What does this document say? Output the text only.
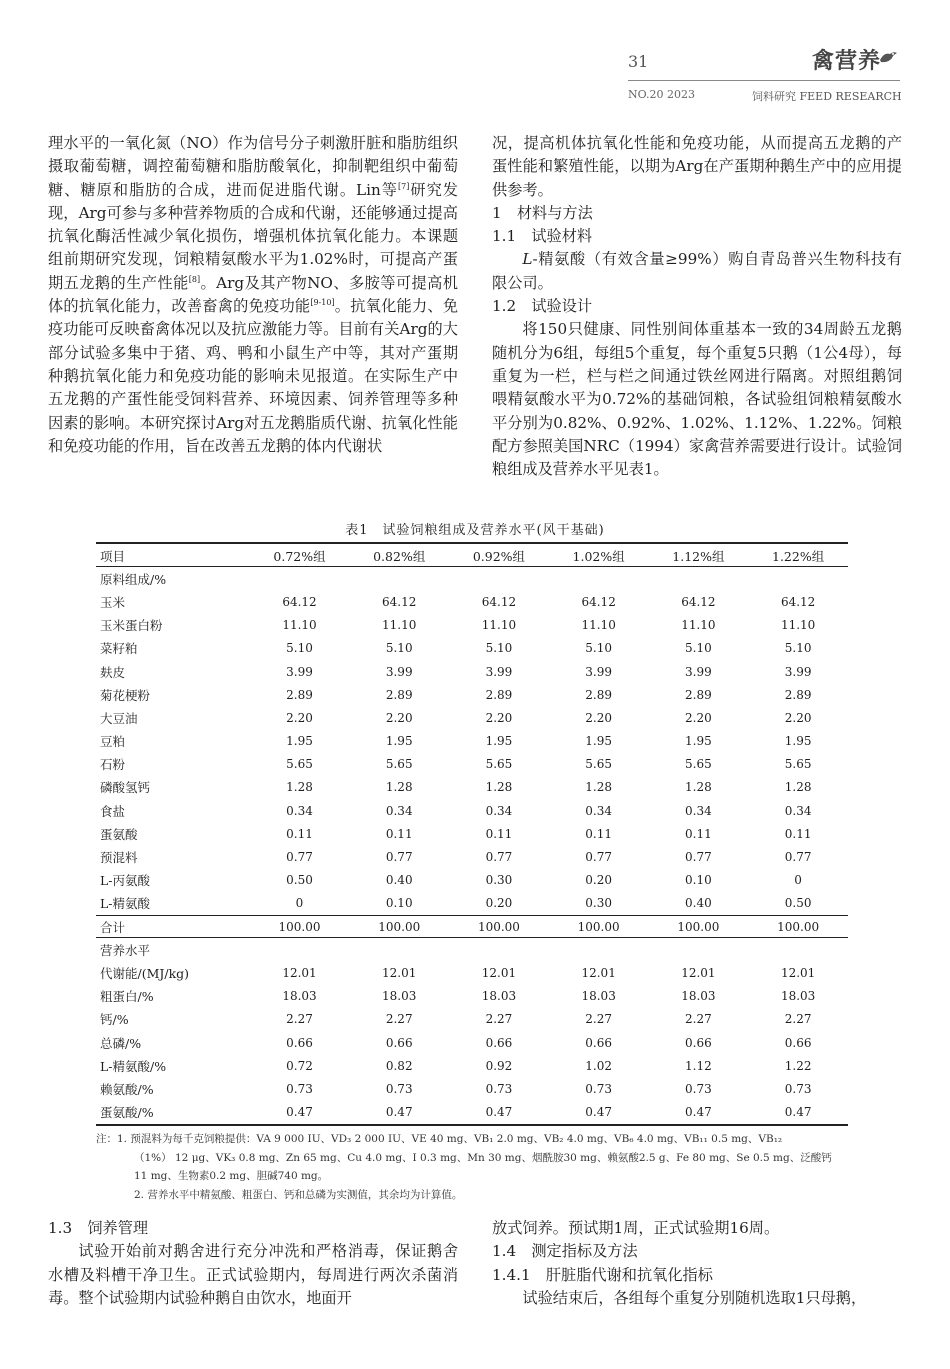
31	禽营养
NO.20 2023	饲料研究 FEED RESEARCH

理水平的一氧化氮（NO）作为信号分子刺激肝脏和脂肪组织摄取葡萄糖，调控葡萄糖和脂肪酸氧化，抑制靶组织中葡萄糖、糖原和脂肪的合成，进而促进脂代谢。Lin等[7]研究发现，Arg可参与多种营养物质的合成和代谢，还能够通过提高抗氧化酶活性减少氧化损伤，增强机体抗氧化能力。本课题组前期研究发现，饲粮精氨酸水平为1.02%时，可提高产蛋期五龙鹅的生产性能[8]。Arg及其产物NO、多胺等可提高机体的抗氧化能力，改善畜禽的免疫功能[9-10]。抗氧化能力、免疫功能可反映畜禽体况以及抗应激能力等。目前有关Arg的大部分试验多集中于猪、鸡、鸭和小鼠生产中等，其对产蛋期种鹅抗氧化能力和免疫功能的影响未见报道。在实际生产中五龙鹅的产蛋性能受饲料营养、环境因素、饲养管理等多种因素的影响。本研究探讨Arg对五龙鹅脂质代谢、抗氧化性能和免疫功能的作用，旨在改善五龙鹅的体内代谢状

况，提高机体抗氧化性能和免疫功能，从而提高五龙鹅的产蛋性能和繁殖性能，以期为Arg在产蛋期种鹅生产中的应用提供参考。

1　材料与方法

1.1　试验材料

L-精氨酸（有效含量≥99%）购自青岛普兴生物科技有限公司。

1.2　试验设计

将150只健康、同性别间体重基本一致的34周龄五龙鹅随机分为6组，每组5个重复，每个重复5只鹅（1公4母），每重复为一栏，栏与栏之间通过铁丝网进行隔离。对照组鹅饲喂精氨酸水平为0.72%的基础饲粮，各试验组饲粮精氨酸水平分别为0.82%、0.92%、1.02%、1.12%、1.22%。饲粮配方参照美国NRC（1994）家禽营养需要进行设计。试验饲粮组成及营养水平见表1。

表1　试验饲粮组成及营养水平(风干基础)
项目	0.72%组	0.82%组	0.92%组	1.02%组	1.12%组	1.22%组
原料组成/%						
玉米	64.12	64.12	64.12	64.12	64.12	64.12
玉米蛋白粉	11.10	11.10	11.10	11.10	11.10	11.10
菜籽粕	5.10	5.10	5.10	5.10	5.10	5.10
麸皮	3.99	3.99	3.99	3.99	3.99	3.99
菊花梗粉	2.89	2.89	2.89	2.89	2.89	2.89
大豆油	2.20	2.20	2.20	2.20	2.20	2.20
豆粕	1.95	1.95	1.95	1.95	1.95	1.95
石粉	5.65	5.65	5.65	5.65	5.65	5.65
磷酸氢钙	1.28	1.28	1.28	1.28	1.28	1.28
食盐	0.34	0.34	0.34	0.34	0.34	0.34
蛋氨酸	0.11	0.11	0.11	0.11	0.11	0.11
预混料	0.77	0.77	0.77	0.77	0.77	0.77
L-丙氨酸	0.50	0.40	0.30	0.20	0.10	0
L-精氨酸	0	0.10	0.20	0.30	0.40	0.50
合计	100.00	100.00	100.00	100.00	100.00	100.00
营养水平						
代谢能/(MJ/kg)	12.01	12.01	12.01	12.01	12.01	12.01
粗蛋白/%	18.03	18.03	18.03	18.03	18.03	18.03
钙/%	2.27	2.27	2.27	2.27	2.27	2.27
总磷/%	0.66	0.66	0.66	0.66	0.66	0.66
L-精氨酸/%	0.72	0.82	0.92	1.02	1.12	1.22
赖氨酸/%	0.73	0.73	0.73	0.73	0.73	0.73
蛋氨酸/%	0.47	0.47	0.47	0.47	0.47	0.47

注：1. 预混料为每千克饲粮提供：VA 9 000 IU、VD₃ 2 000 IU、VE 40 mg、VB₁ 2.0 mg、VB₂ 4.0 mg、VB₆ 4.0 mg、VB₁₁ 0.5 mg、VB₁₂

（1%） 12 μg、VK₃ 0.8 mg、Zn 65 mg、Cu 4.0 mg、I 0.3 mg、Mn 30 mg、烟酰胺30 mg、赖氨酸2.5 g、Fe 80 mg、Se 0.5 mg、泛酸钙

11 mg、生物素0.2 mg、胆碱740 mg。

2. 营养水平中精氨酸、粗蛋白、钙和总磷为实测值，其余均为计算值。

1.3　饲养管理

试验开始前对鹅舍进行充分冲洗和严格消毒，保证鹅舍水槽及料槽干净卫生。正式试验期内，每周进行两次杀菌消毒。整个试验期内试验种鹅自由饮水，地面开

放式饲养。预试期1周，正式试验期16周。

1.4　测定指标及方法

1.4.1　肝脏脂代谢和抗氧化指标

试验结束后，各组每个重复分别随机选取1只母鹅，
